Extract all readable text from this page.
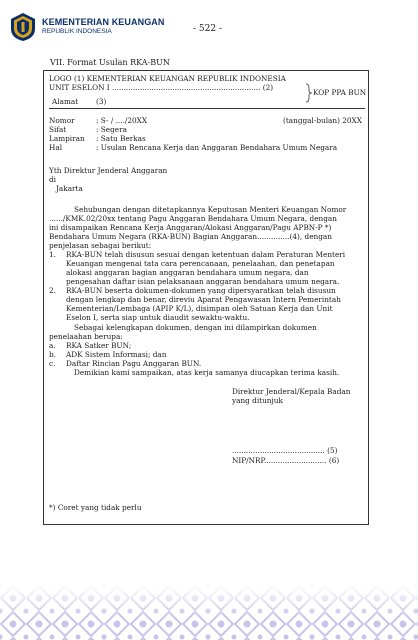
KEMENTERIAN KEUANGAN
REPUBLIK INDONESIA	- 522 -
VII. Format Usulan RKA-BUN
LOGO (1) KEMENTERIAN KEUANGAN REPUBLIK INDONESIA
UNIT ESELON I ................................................................ (2)
KOP PPA BUN
Alamat (3)
Nomor	: S- / ..../20XX	(tanggal-bulan) 20XX
Sifat	: Segera
Lampiran : Satu Berkas
Hal	: Usulan Rencana Kerja dan Anggaran Bendahara Umum Negara
Yth Direktur Jenderal Anggaran
di
Jakarta
Sehubungan dengan ditetapkannya Keputusan Menteri Keuangan Nomor
....../KMK.02/20xx tentang Pagu Anggaran Bendahara Umum Negara, dengan
ini disampaikan Rencana Kerja Anggaran/Alokasi Anggaran/Pagu APBN-P *)
Bendahara Umum Negara (RKA-BUN) Bagian Anggaran..............(4), dengan
penjelasan sebagai berikut:
1. RKA-BUN telah disusun sesuai dengan ketentuan dalam Peraturan Menteri
Keuangan mengenai tata cara perencanaan, penelaahan, dan penetapan
alokasi anggaran bagian anggaran bendahara umum negara, dan
pengesahan daftar isian pelaksanaan anggaran bendahara umum negara.
2. RKA-BUN beserta dokumen-dokumen yang dipersyaratkan telah disusun
dengan lengkap dan benar, direviu Aparat Pengawasan Intern Pemerintah
Kementerian/Lembaga (APIP K/L), disimpan oleh Satuan Kerja dan Unit
Eselon I, serta siap untuk diaudit sewaktu-waktu.
Sebagai kelengkapan dokumen, dengan ini dilampirkan dokumen
penelaahan berupa:
a. RKA Satker BUN;
b. ADK Sistem Informasi; dan
c. Daftar Rincian Pagu Anggaran BUN.
Demikian kami sampaikan, atas kerja samanya diucapkan terima kasih.
Direktur Jenderal/Kepala Badan
yang ditunjuk
........................................ (5)
NIP/NRP........................... (6)
*) Coret yang tidak perlu
